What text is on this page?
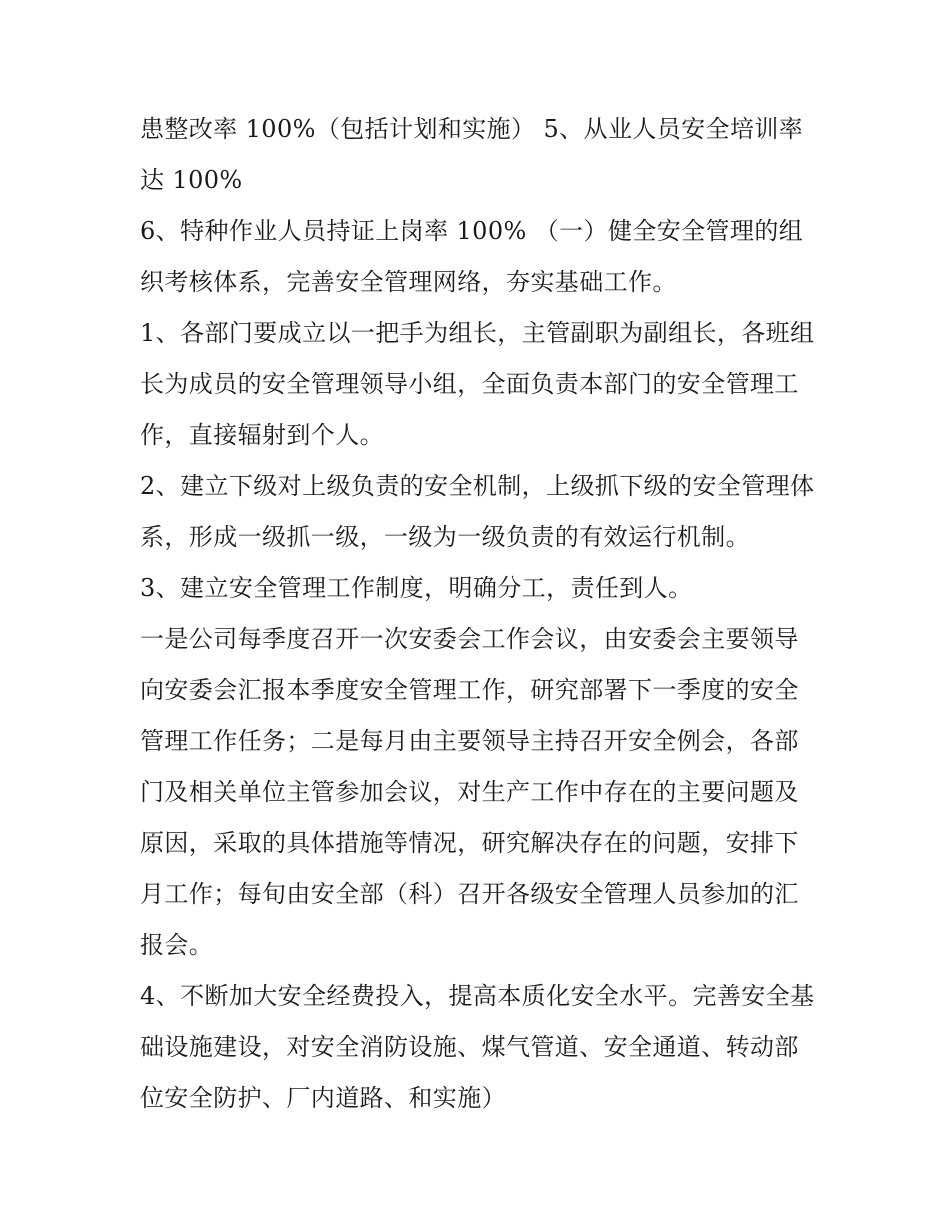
患整改率 100%（包括计划和实施） 5、从业人员安全培训率达 100%

6、特种作业人员持证上岗率 100% （一）健全安全管理的组织考核体系，完善安全管理网络，夯实基础工作。

1、各部门要成立以一把手为组长，主管副职为副组长，各班组长为成员的安全管理领导小组，全面负责本部门的安全管理工作，直接辐射到个人。

2、建立下级对上级负责的安全机制，上级抓下级的安全管理体系，形成一级抓一级，一级为一级负责的有效运行机制。

3、建立安全管理工作制度，明确分工，责任到人。

一是公司每季度召开一次安委会工作会议，由安委会主要领导向安委会汇报本季度安全管理工作，研究部署下一季度的安全管理工作任务；二是每月由主要领导主持召开安全例会，各部门及相关单位主管参加会议，对生产工作中存在的主要问题及原因，采取的具体措施等情况，研究解决存在的问题，安排下月工作；每旬由安全部（科）召开各级安全管理人员参加的汇报会。

4、不断加大安全经费投入，提高本质化安全水平。完善安全基础设施建设，对安全消防设施、煤气管道、安全通道、转动部位安全防护、厂内道路、和实施）
